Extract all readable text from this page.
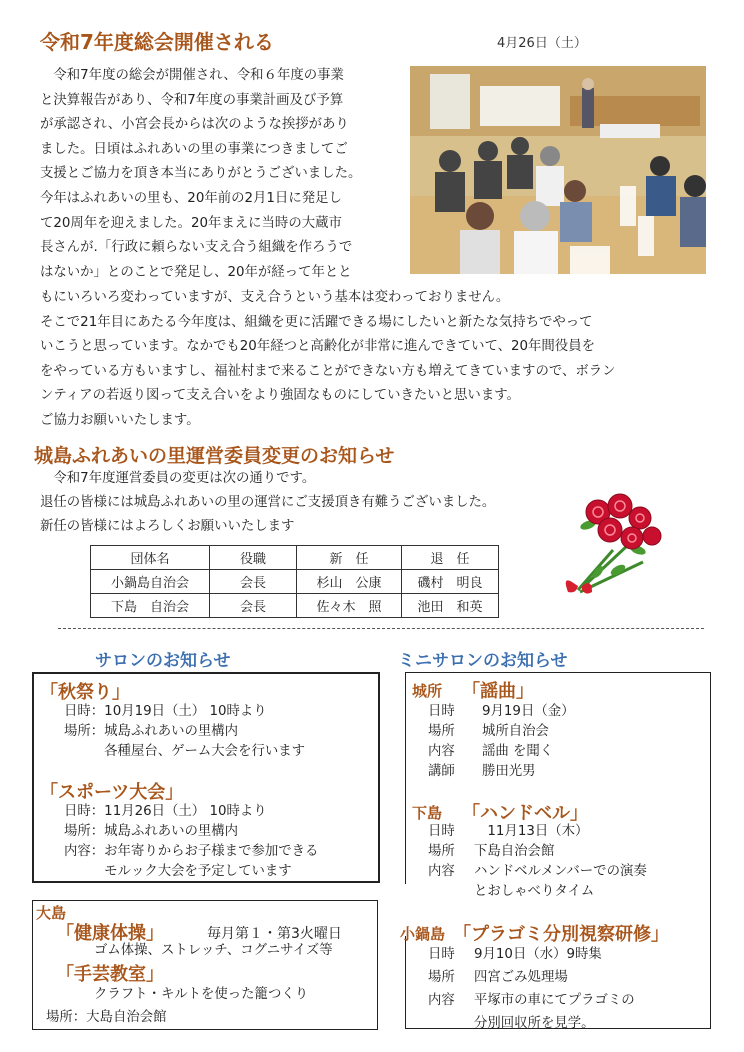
令和7年度総会開催される	4月26日（土）
　令和7年度の総会が開催され、令和６年度の事業
と決算報告があり、令和7年度の事業計画及び予算
が承認され、小宮会長からは次のような挨拶があり
ました。日頃はふれあいの里の事業につきましてご
支援とご協力を頂き本当にありがとうございました。
今年はふれあいの里も、20年前の2月1日に発足し
て20周年を迎えました。20年まえに当時の大蔵市
長さんが.「行政に頼らない支え合う組織を作ろうで
はないか」とのことで発足し、20年が経って年とと
もにいろいろ変わっていますが、支え合うという基本は変わっておりません。
そこで21年目にあたる今年度は、組織を更に活躍できる場にしたいと新たな気持ちでやって
いこうと思っています。なかでも20年経つと高齢化が非常に進んできていて、20年間役員を
をやっている方もいますし、福祉村まで来ることができない方も増えてきていますので、ボラン
ンティアの若返り図って支え合いをより強固なものにしていきたいと思います。
ご協力お願いいたします。
城島ふれあいの里運営委員変更のお知らせ
　令和7年度運営委員の変更は次の通りです。
退任の皆様には城島ふれあいの里の運営にご支援頂き有難うございました。
新任の皆様にはよろしくお願いいたします
団体名	役職	新　任	退　任
小鍋島自治会	会長	杉山　公康	磯村　明良
下島　自治会	会長	佐々木　照	池田　和英
サロンのお知らせ
「秋祭り」
日時：10月19日（土） 10時より
場所：城島ふれあいの里構内
　　　各種屋台、ゲーム大会を行います
「スポーツ大会」
日時：11月26日（土） 10時より
場所：城島ふれあいの里構内
内容：お年寄りからお子様まで参加できる
　　　モルック大会を予定しています
大島
「健康体操」	毎月第１・第3火曜日
ゴム体操、ストレッチ、コグニサイズ等
「手芸教室」
クラフト・キルトを使った籠つくり
場所：大島自治会館
ミニサロンのお知らせ
城所 「謡曲」
日時 9月19日（金）
場所 城所自治会
内容 謡曲 を聞く
講師 勝田光男
下島 「ハンドベル」
日時　11月13日（木）
場所 下島自治会館
内容 ハンドベルメンバーでの演奏
とおしゃべりタイム
小鍋島 「プラゴミ分別視察研修」
日時 9月10日（水）9時集
場所 四宮ごみ処理場
内容 平塚市の車にてプラゴミの
分別回収所を見学。
